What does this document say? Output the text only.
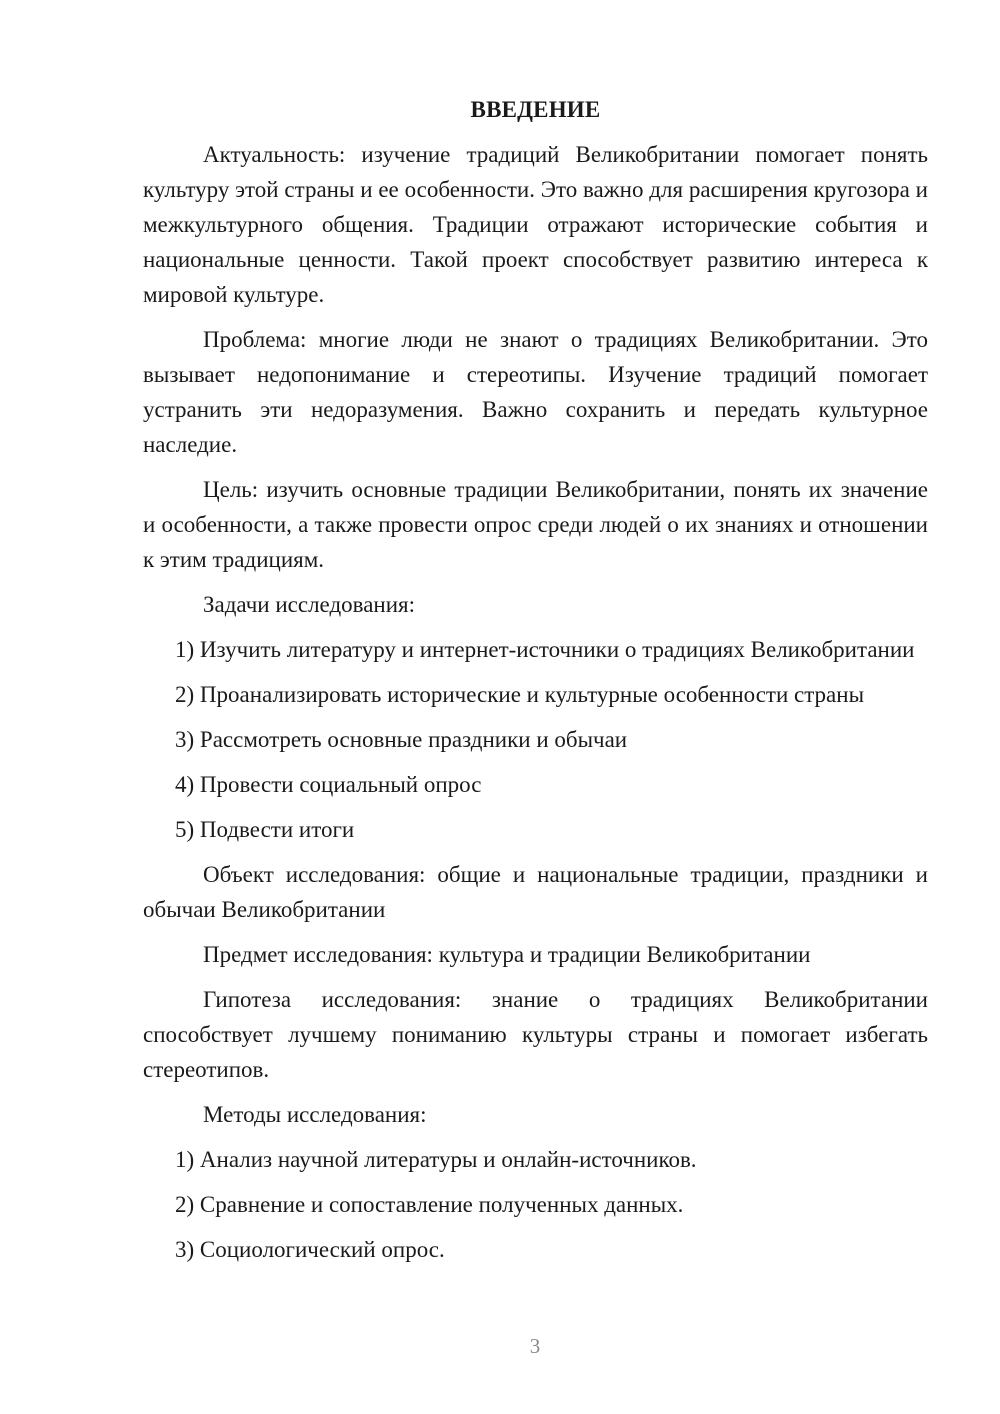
ВВЕДЕНИЕ

Актуальность: изучение традиций Великобритании помогает понять культуру этой страны и ее особенности. Это важно для расширения кругозора и межкультурного общения. Традиции отражают исторические события и национальные ценности. Такой проект способствует развитию интереса к мировой культуре.

Проблема: многие люди не знают о традициях Великобритании. Это вызывает недопонимание и стереотипы. Изучение традиций помогает устранить эти недоразумения. Важно сохранить и передать культурное наследие.

Цель: изучить основные традиции Великобритании, понять их значение и особенности, а также провести опрос среди людей о их знаниях и отношении к этим традициям.

Задачи исследования:

1) Изучить литературу и интернет-источники о традициях Великобритании

2) Проанализировать исторические и культурные особенности страны

3) Рассмотреть основные праздники и обычаи

4) Провести социальный опрос

5) Подвести итоги

Объект исследования: общие и национальные традиции, праздники и обычаи Великобритании

Предмет исследования: культура и традиции Великобритании

Гипотеза исследования: знание о традициях Великобритании способствует лучшему пониманию культуры страны и помогает избегать стереотипов.

Методы исследования:

1) Анализ научной литературы и онлайн-источников.

2) Сравнение и сопоставление полученных данных.

3) Социологический опрос.

3
